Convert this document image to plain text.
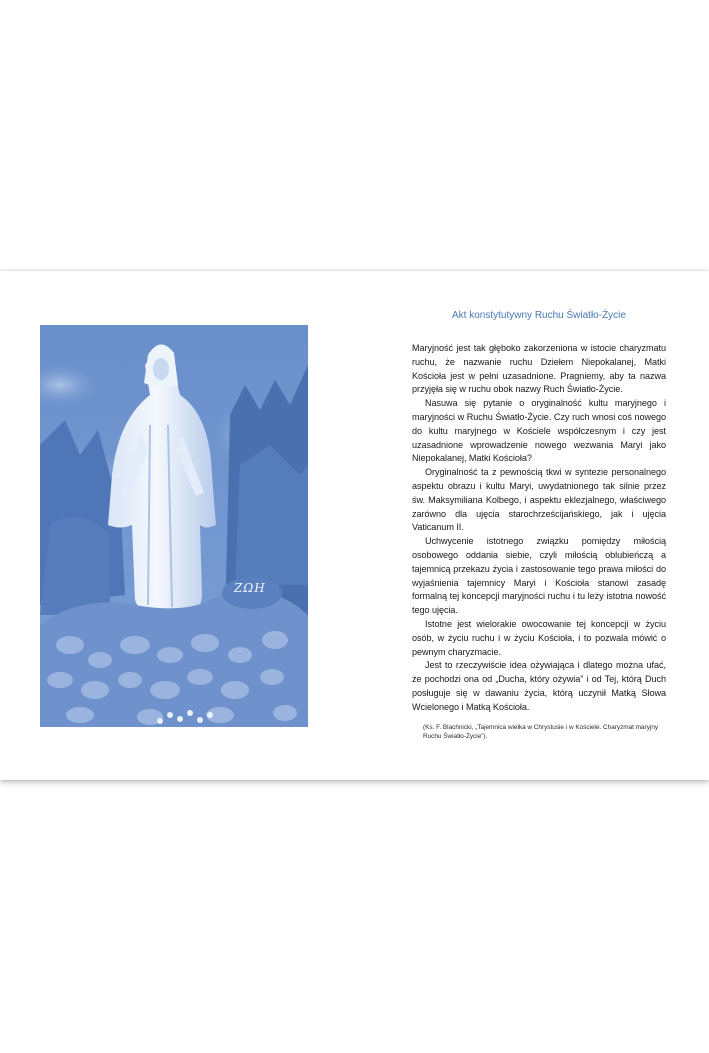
ΖΩΗ
Akt konstytutywny Ruchu Światło-Życie

Maryjność jest tak głęboko zakorzeniona w istocie charyzmatu ruchu, że nazwanie ruchu Dziełem Niepokalanej, Matki Kościoła jest w pełni uzasadnione. Pragniemy, aby ta nazwa przyjęła się w ruchu obok nazwy Ruch Światło-Życie.

Nasuwa się pytanie o oryginalność kultu maryjnego i maryjności w Ruchu Światło-Życie. Czy ruch wnosi coś nowego do kultu maryjnego w Kościele współczesnym i czy jest uzasadnione wprowadzenie nowego wezwania Maryi jako Niepokalanej, Matki Kościoła?

Oryginalność ta z pewnością tkwi w syntezie personalnego aspektu obrazu i kultu Maryi, uwydatnionego tak silnie przez św. Maksymiliana Kolbego, i aspektu eklezjalnego, właściwego zarówno dla ujęcia starochrześcijańskiego, jak i ujęcia Vaticanum II.

Uchwycenie istotnego związku pomiędzy miłością osobowego oddania siebie, czyli miłością oblubieńczą a tajemnicą przekazu życia i zastosowanie tego prawa miłości do wyjaśnienia tajemnicy Maryi i Kościoła stanowi zasadę formalną tej koncepcji maryjności ruchu i tu leży istotna nowość tego ujęcia.

Istotne jest wielorakie owocowanie tej koncepcji w życiu osób, w życiu ruchu i w życiu Kościoła, i to pozwala mówić o pewnym charyzmacie.

Jest to rzeczywiście idea ożywiająca i dlatego można ufać, że pochodzi ona od „Ducha, który ożywia” i od Tej, którą Duch posługuje się w dawaniu życia, którą uczynił Matką Słowa Wcielonego i Matką Kościoła.

(Ks. F. Blachnicki, „Tajemnica wielka w Chrystusie i w Kościele. Charyzmat maryjny Ruchu Światło-Życie”).
